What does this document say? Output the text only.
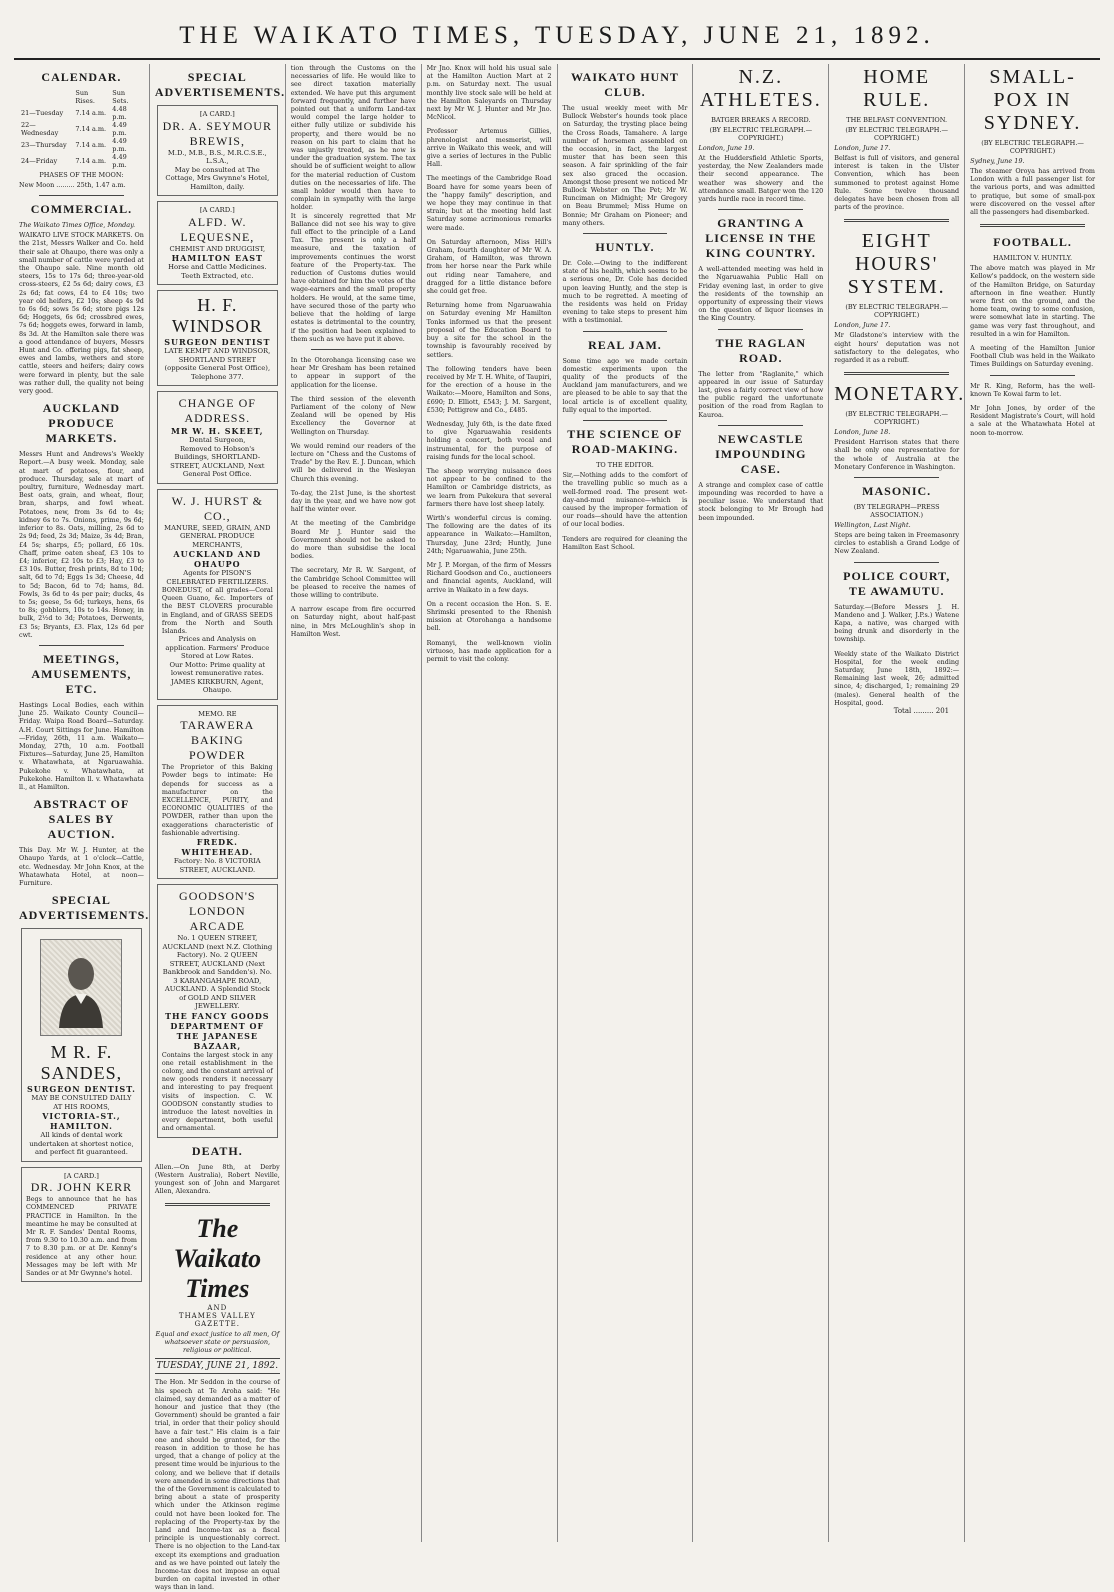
THE WAIKATO TIMES, TUESDAY, JUNE 21, 1892.
CALENDAR.
	Sun Rises.	Sun Sets.
21—Tuesday	7.14 a.m.	4.48 p.m.
22—Wednesday	7.14 a.m.	4.49 p.m.
23—Thursday	7.14 a.m.	4.49 p.m.
24—Friday	7.14 a.m.	4.49 p.m.
PHASES OF THE MOON:
New Moon ......... 25th, 1.47 a.m.
COMMERCIAL.
The Waikato Times Office, Monday.
WAIKATO LIVE STOCK MARKETS. On the 21st, Messrs Walker and Co. held their sale at Ohaupo, there was only a small number of cattle were yarded at the Ohaupo sale. Nine month old steers, 15s to 17s 6d; three-year-old cross-steers, £2 5s 6d; dairy cows, £3 2s 6d; fat cows, £4 to £4 10s; two year old heifers, £2 10s; sheep 4s 9d to 6s 6d; sows 5s 6d; store pigs 12s 6d; Hoggets, 6s 6d; crossbred ewes, 7s 6d; hoggets ewes, forward in lamb, 8s 3d. At the Hamilton sale there was a good attendance of buyers, Messrs Hunt and Co. offering pigs, fat sheep, ewes and lambs, wethers and store cattle, steers and heifers; dairy cows were forward in plenty, but the sale was rather dull, the quality not being very good.
AUCKLAND PRODUCE MARKETS.
Messrs Hunt and Andrews's Weekly Report.—A busy week. Monday, sale at mart of potatoes, flour, and produce. Thursday, sale at mart of poultry, furniture, Wednesday mart. Best oats, grain, and wheat, flour, bran, sharps, and fowl wheat. Potatoes, new, from 3s 6d to 4s; kidney 6s to 7s. Onions, prime, 9s 6d; inferior to 8s. Oats, milling, 2s 6d to 2s 9d; feed, 2s 3d; Maize, 3s 4d; Bran, £4 5s; sharps, £5; pollard, £6 10s. Chaff, prime oaten sheaf, £3 10s to £4; inferior, £2 10s to £3; Hay, £3 to £3 10s. Butter, fresh prints, 8d to 10d; salt, 6d to 7d; Eggs 1s 3d; Cheese, 4d to 5d; Bacon, 6d to 7d; hams, 8d. Fowls, 3s 6d to 4s per pair; ducks, 4s to 5s; geese, 5s 6d; turkeys, hens, 6s to 8s; gobblers, 10s to 14s. Honey, in bulk, 2½d to 3d; Potatoes, Derwents, £3 5s; Bryants, £3. Flax, 12s 6d per cwt.
MEETINGS, AMUSEMENTS, ETC.
Hastings Local Bodies, each within June 25. Waikato County Council—Friday. Waipa Road Board—Saturday. A.H. Court Sittings for June. Hamilton—Friday, 26th, 11 a.m. Waikato—Monday, 27th, 10 a.m. Football Fixtures—Saturday, June 25, Hamilton v. Whatawhata, at Ngaruawahia. Pukekohe v. Whatawhata, at Pukekohe. Hamilton ll. v. Whatawhata ll., at Hamilton.
ABSTRACT OF SALES BY AUCTION.
This Day. Mr W. J. Hunter, at the Ohaupo Yards, at 1 o'clock—Cattle, etc. Wednesday. Mr John Knox, at the Whatawhata Hotel, at noon—Furniture.
SPECIAL ADVERTISEMENTS.
M R. F. SANDES,
SURGEON DENTIST.
MAY BE CONSULTED DAILY AT HIS ROOMS,
VICTORIA-ST., HAMILTON.
All kinds of dental work undertaken at shortest notice, and perfect fit guaranteed.
[A CARD.]
DR. JOHN KERR
Begs to announce that he has COMMENCED PRIVATE PRACTICE in Hamilton. In the meantime he may be consulted at Mr R. F. Sandes' Dental Rooms, from 9.30 to 10.30 a.m. and from 7 to 8.30 p.m. or at Dr. Kenny's residence at any other hour. Messages may be left with Mr Sandes or at Mr Gwynne's hotel.
SPECIAL ADVERTISEMENTS.
[A CARD.]
DR. A. SEYMOUR BREWIS,
M.D., M.B., B.S., M.R.C.S.E., L.S.A.,
May be consulted at The Cottage, Mrs Gwynne's Hotel, Hamilton, daily.
[A CARD.]
ALFD. W. LEQUESNE,
CHEMIST AND DRUGGIST,
HAMILTON EAST
Horse and Cattle Medicines. Teeth Extracted, etc.
H. F. WINDSOR
SURGEON DENTIST
LATE KEMPT AND WINDSOR, SHORTLAND STREET (opposite General Post Office), Telephone 377.
CHANGE OF ADDRESS.
MR W. H. SKEET,
Dental Surgeon,
Removed to Hobson's Buildings, SHORTLAND-STREET, AUCKLAND, Next General Post Office.
W. J. HURST & CO.,
MANURE, SEED, GRAIN, AND GENERAL PRODUCE MERCHANTS,
AUCKLAND AND OHAUPO
Agents for PISON'S CELEBRATED FERTILIZERS.
BONEDUST, of all grades—Coral Queen Guano, &c. Importers of the BEST CLOVERS procurable in England, and of GRASS SEEDS from the North and South Islands.
Prices and Analysis on application. Farmers' Produce Stored at Low Rates.
Our Motto: Prime quality at lowest remunerative rates. JAMES KIRKBURN, Agent, Ohaupo.
MEMO. RE
TARAWERA BAKING POWDER
The Proprietor of this Baking Powder begs to intimate: He depends for success as a manufacturer on the EXCELLENCE, PURITY, and ECONOMIC QUALITIES of the POWDER, rather than upon the exaggerations characteristic of fashionable advertising.
FREDK. WHITEHEAD.
Factory: No. 8 VICTORIA STREET, AUCKLAND.
GOODSON'S LONDON ARCADE
No. 1 QUEEN STREET, AUCKLAND (next N.Z. Clothing Factory). No. 2 QUEEN STREET, AUCKLAND (Next Bankbrook and Sandden's). No. 3 KARANGAHAPE ROAD, AUCKLAND. A Splendid Stock of GOLD AND SILVER JEWELLERY.
THE FANCY GOODS DEPARTMENT OF THE JAPANESE BAZAAR,
Contains the largest stock in any one retail establishment in the colony, and the constant arrival of new goods renders it necessary and interesting to pay frequent visits of inspection. C. W. GOODSON constantly studies to introduce the latest novelties in every department, both useful and ornamental.
DEATH.
Allen.—On June 8th, at Derby (Western Australia), Robert Neville, youngest son of John and Margaret Allen, Alexandra.
The Waikato Times
AND
THAMES VALLEY GAZETTE.
Equal and exact justice to all men, Of whatsoever state or persuasion, religious or political.
TUESDAY, JUNE 21, 1892.
The Hon. Mr Seddon in the course of his speech at Te Aroha said: "He claimed, say demanded as a matter of honour and justice that they (the Government) should be granted a fair trial, in order that their policy should have a fair test." His claim is a fair one and should be granted, for the reason in addition to those he has urged, that a change of policy at the present time would be injurious to the colony, and we believe that if details were amended in some directions that the of the Government is calculated to bring about a state of prosperity which under the Atkinson regime could not have been looked for. The replacing of the Property-tax by the Land and Income-tax as a fiscal principle is unquestionably correct. There is no objection to the Land-tax except its exemptions and graduation and as we have pointed out lately the Income-tax does not impose an equal burden on capital invested in other ways than in land.
tion through the Customs on the necessaries of life. He would like to see direct taxation materially extended. We have put this argument forward frequently, and further have pointed out that a uniform Land-tax would compel the large holder to either fully utilize or subdivide his property, and there would be no reason on his part to claim that he was unjustly treated, as he now is under the graduation system. The tax should be of sufficient weight to allow for the material reduction of Custom duties on the necessaries of life. The small holder would then have to complain in sympathy with the large holder.
It is sincerely regretted that Mr Ballance did not see his way to give full effect to the principle of a Land Tax. The present is only a half measure, and the taxation of improvements continues the worst feature of the Property-tax. The reduction of Customs duties would have obtained for him the votes of the wage-earners and the small property holders. He would, at the same time, have secured those of the party who believe that the holding of large estates is detrimental to the country, if the position had been explained to them such as we have put it above.
In the Otorohanga licensing case we hear Mr Gresham has been retained to appear in support of the application for the license.
The third session of the eleventh Parliament of the colony of New Zealand will be opened by His Excellency the Governor at Wellington on Thursday.
We would remind our readers of the lecture on "Chess and the Customs of Trade" by the Rev. E. J. Duncan, which will be delivered in the Wesleyan Church this evening.
To-day, the 21st June, is the shortest day in the year, and we have now got half the winter over.
At the meeting of the Cambridge Board Mr J. Hunter said the Government should not be asked to do more than subsidise the local bodies.
The secretary, Mr R. W. Sargent, of the Cambridge School Committee will be pleased to receive the names of those willing to contribute.
A narrow escape from fire occurred on Saturday night, about half-past nine, in Mrs McLoughlin's shop in Hamilton West.
Mr Jno. Knox will hold his usual sale at the Hamilton Auction Mart at 2 p.m. on Saturday next. The usual monthly live stock sale will be held at the Hamilton Saleyards on Thursday next by Mr W. J. Hunter and Mr Jno. McNicol.
Professor Artemus Gillies, phrenologist and mesmerist, will arrive in Waikato this week, and will give a series of lectures in the Public Hall.
The meetings of the Cambridge Road Board have for some years been of the "happy family" description, and we hope they may continue in that strain; but at the meeting held last Saturday some acrimonious remarks were made.
On Saturday afternoon, Miss Hill's Graham, fourth daughter of Mr W. A. Graham, of Hamilton, was thrown from her horse near the Park while out riding near Tamahere, and dragged for a little distance before she could get free.
Returning home from Ngaruawahia on Saturday evening Mr Hamilton Tonks informed us that the present proposal of the Education Board to buy a site for the school in the township is favourably received by settlers.
The following tenders have been received by Mr T. H. White, of Taupiri, for the erection of a house in the Waikato:—Moore, Hamilton and Sons, £690; D. Elliott, £543; J. M. Sargent, £530; Pettigrew and Co., £485.
Wednesday, July 6th, is the date fixed to give Ngaruawahia residents holding a concert, both vocal and instrumental, for the purpose of raising funds for the local school.
The sheep worrying nuisance does not appear to be confined to the Hamilton or Cambridge districts, as we learn from Pukekura that several farmers there have lost sheep lately.
Wirth's wonderful circus is coming. The following are the dates of its appearance in Waikato:—Hamilton, Thursday, June 23rd; Huntly, June 24th; Ngaruawahia, June 25th.
Mr J. P. Morgan, of the firm of Messrs Richard Goodson and Co., auctioneers and financial agents, Auckland, will arrive in Waikato in a few days.
On a recent occasion the Hon. S. E. Shrimski presented to the Rhenish mission at Otorohanga a handsome bell.
Romanyi, the well-known violin virtuoso, has made application for a permit to visit the colony.
WAIKATO HUNT CLUB.
The usual weekly meet with Mr Bullock Webster's hounds took place on Saturday, the trysting place being the Cross Roads, Tamahere. A large number of horsemen assembled on the occasion, in fact, the largest muster that has been seen this season. A fair sprinkling of the fair sex also graced the occasion. Amongst those present we noticed Mr Bullock Webster on The Pet; Mr W. Runciman on Midnight; Mr Gregory on Beau Brummel; Miss Hume on Bonnie; Mr Graham on Pioneer; and many others.
HUNTLY.
Dr. Cole.—Owing to the indifferent state of his health, which seems to be a serious one, Dr. Cole has decided upon leaving Huntly, and the step is much to be regretted. A meeting of the residents was held on Friday evening to take steps to present him with a testimonial.
REAL JAM.
Some time ago we made certain domestic experiments upon the quality of the products of the Auckland jam manufacturers, and we are pleased to be able to say that the local article is of excellent quality, fully equal to the imported.
THE SCIENCE OF ROAD-MAKING.
TO THE EDITOR.
Sir,—Nothing adds to the comfort of the travelling public so much as a well-formed road. The present wet-day-and-mud nuisance—which is caused by the improper formation of our roads—should have the attention of our local bodies.
Tenders are required for cleaning the Hamilton East School.
N.Z. ATHLETES.
BATGER BREAKS A RECORD.
(BY ELECTRIC TELEGRAPH.—COPYRIGHT.)
London, June 19.
At the Huddersfield Athletic Sports, yesterday, the New Zealanders made their second appearance. The weather was showery and the attendance small. Batger won the 120 yards hurdle race in record time.
GRANTING A LICENSE IN THE KING COUNTRY.
A well-attended meeting was held in the Ngaruawahia Public Hall on Friday evening last, in order to give the residents of the township an opportunity of expressing their views on the question of liquor licenses in the King Country.
THE RAGLAN ROAD.
The letter from "Raglanite," which appeared in our issue of Saturday last, gives a fairly correct view of how the public regard the unfortunate position of the road from Raglan to Kauroa.
NEWCASTLE IMPOUNDING CASE.
A strange and complex case of cattle impounding was recorded to have a peculiar issue. We understand that stock belonging to Mr Brough had been impounded.
HOME RULE.
THE BELFAST CONVENTION.
(BY ELECTRIC TELEGRAPH.—COPYRIGHT.)
London, June 17.
Belfast is full of visitors, and general interest is taken in the Ulster Convention, which has been summoned to protest against Home Rule. Some twelve thousand delegates have been chosen from all parts of the province.
EIGHT HOURS' SYSTEM.
(BY ELECTRIC TELEGRAPH.—COPYRIGHT.)
London, June 17.
Mr Gladstone's interview with the eight hours' deputation was not satisfactory to the delegates, who regarded it as a rebuff.
MONETARY.
(BY ELECTRIC TELEGRAPH.—COPYRIGHT.)
London, June 18.
President Harrison states that there shall be only one representative for the whole of Australia at the Monetary Conference in Washington.
MASONIC.
(BY TELEGRAPH—PRESS ASSOCIATION.)
Wellington, Last Night.
Steps are being taken in Freemasonry circles to establish a Grand Lodge of New Zealand.
POLICE COURT, TE AWAMUTU.
Saturday.—(Before Messrs J. H. Mandeno and J. Walker, J.P.s.) Watene Kapa, a native, was charged with being drunk and disorderly in the township.
Weekly state of the Waikato District Hospital, for the week ending Saturday, June 18th, 1892:—Remaining last week, 26; admitted since, 4; discharged, 1; remaining 29 (males). General health of the Hospital, good.
Total ......... 201
SMALL-POX IN SYDNEY.
(BY ELECTRIC TELEGRAPH.—COPYRIGHT.)
Sydney, June 19.
The steamer Oroya has arrived from London with a full passenger list for the various ports, and was admitted to pratique, but some of small-pox were discovered on the vessel after all the passengers had disembarked.
FOOTBALL.
HAMILTON V. HUNTLY.
The above match was played in Mr Kellow's paddock, on the western side of the Hamilton Bridge, on Saturday afternoon in fine weather. Huntly were first on the ground, and the home team, owing to some confusion, were somewhat late in starting. The game was very fast throughout, and resulted in a win for Hamilton.
A meeting of the Hamilton Junior Football Club was held in the Waikato Times Buildings on Saturday evening.
Mr R. King, Reform, has the well-known Te Kowai farm to let.
Mr John Jones, by order of the Resident Magistrate's Court, will hold a sale at the Whatawhata Hotel at noon to-morrow.
